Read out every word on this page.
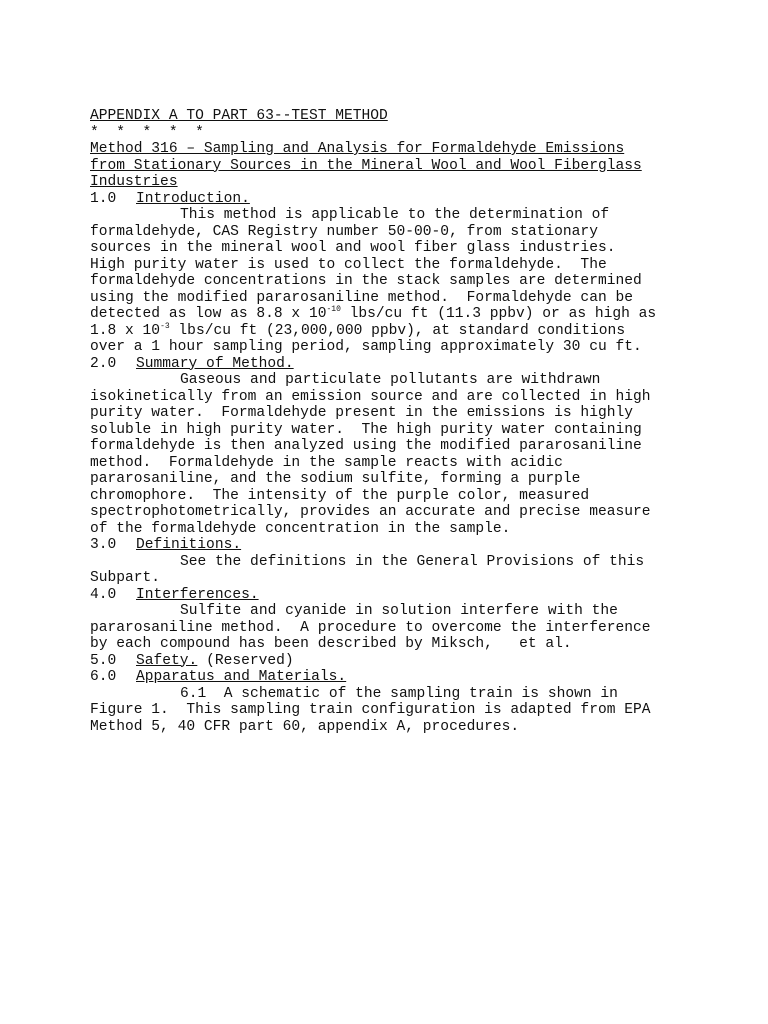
APPENDIX A TO PART 63--TEST METHOD
*  *  *  *  *
Method 316 – Sampling and Analysis for Formaldehyde Emissions
from Stationary Sources in the Mineral Wool and Wool Fiberglass
Industries
1.0 Introduction.
This method is applicable to the determination of
formaldehyde, CAS Registry number 50-00-0, from stationary
sources in the mineral wool and wool fiber glass industries.
High purity water is used to collect the formaldehyde.  The
formaldehyde concentrations in the stack samples are determined
using the modified pararosaniline method.  Formaldehyde can be
detected as low as 8.8 x $10^{-10}$ lbs/cu ft (11.3 ppbv) or as high as
1.8 x $10^{-3}$ lbs/cu ft (23,000,000 ppbv), at standard conditions
over a 1 hour sampling period, sampling approximately 30 cu ft.
2.0 Summary of Method.
Gaseous and particulate pollutants are withdrawn
isokinetically from an emission source and are collected in high
purity water.  Formaldehyde present in the emissions is highly
soluble in high purity water.  The high purity water containing
formaldehyde is then analyzed using the modified pararosaniline
method.  Formaldehyde in the sample reacts with acidic
pararosaniline, and the sodium sulfite, forming a purple
chromophore.  The intensity of the purple color, measured
spectrophotometrically, provides an accurate and precise measure
of the formaldehyde concentration in the sample.
3.0 Definitions.
See the definitions in the General Provisions of this
Subpart.
4.0 Interferences.
Sulfite and cyanide in solution interfere with the
pararosaniline method.  A procedure to overcome the interference
by each compound has been described by Miksch,   et al.
5.0 Safety. (Reserved)
6.0 Apparatus and Materials.
6.1  A schematic of the sampling train is shown in
Figure 1.  This sampling train configuration is adapted from EPA
Method 5, 40 CFR part 60, appendix A, procedures.
